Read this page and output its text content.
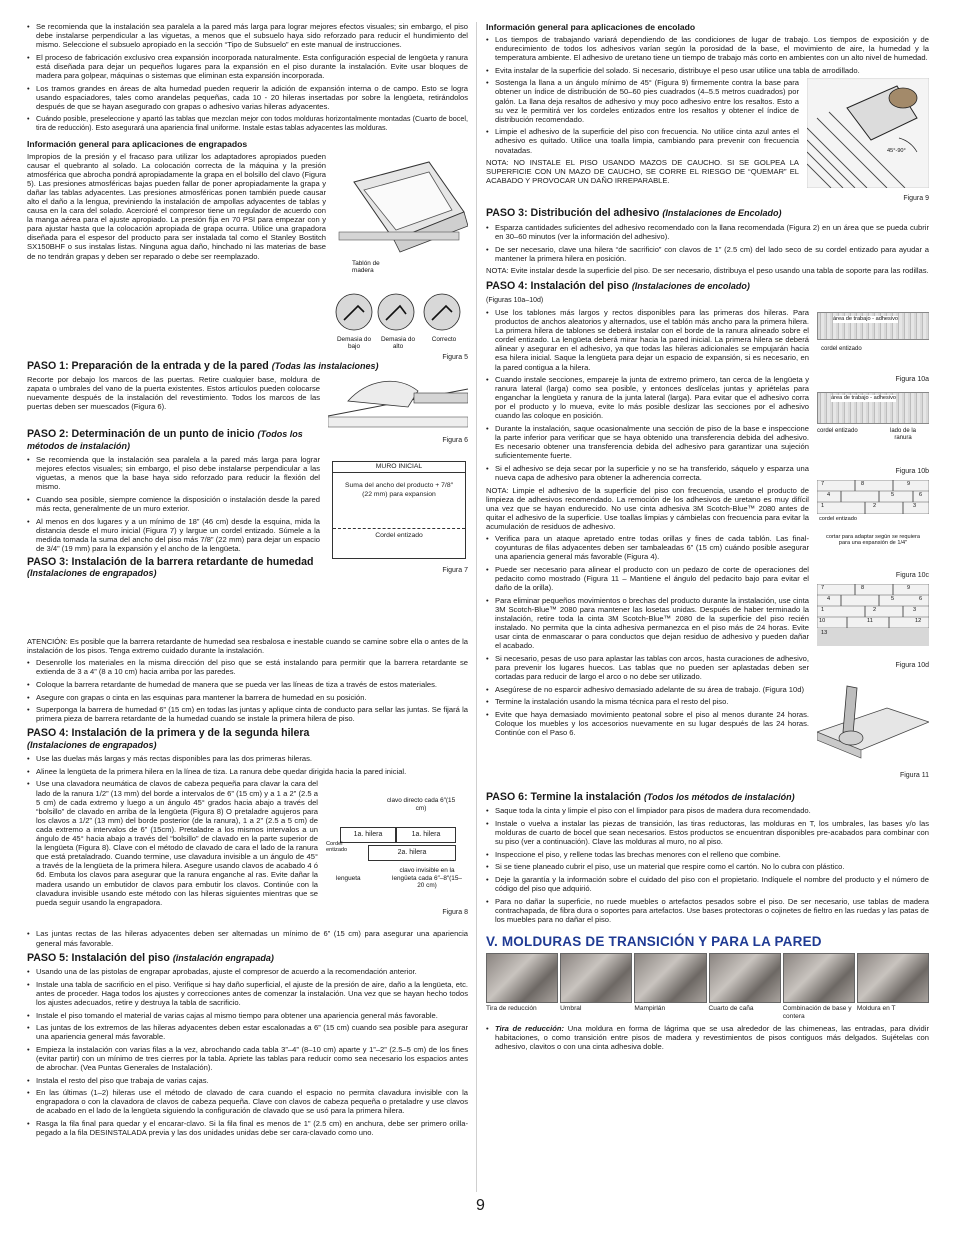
• Se recomienda que la instalación sea paralela a la pared más larga para lograr mejores efectos visuales; sin embargo, el piso debe instalarse perpendicular a las viguetas, a menos que el subsuelo haya sido reforzado para reducir el hundimiento del mismo. Seleccione el subsuelo apropiado en la sección “Tipo de Subsuelo” en este manual de instrucciones.
• El proceso de fabricación exclusivo crea expansión incorporada naturalmente. Esta configuración especial de lengüeta y ranura está diseñada para dejar un pequeños lugares para la expansión en el piso durante la instalación. Evite usar bloques de madera para golpear, máquinas o sistemas que eliminan esta expansión incorporada.
• Los tramos grandes en áreas de alta humedad pueden requerir la adición de expansión interna o de campo. Esto se logra usando espaciadores, tales como arandelas pequeñas, cada 10 - 20 hileras insertadas por sobre la lengüeta, retirándolos después de que se hayan asegurado con grapas o adhesivo varias hileras adyacentes.
• Cuándo posible, preseleccione y apartó las tablas que mezclan mejor con todos molduras horizontalmente montadas (Cuarto de bocel, tira de reducción). Esto asegurará una apariencia final uniforme. Instale estas tablas adyacentes las molduras.
Información general para aplicaciones de engrapados

Impropios de la presión y el fracaso para utilizar los adaptadores apropiados pueden causar el quebranto al solado. La colocación correcta de la máquina y la presión atmosférica que abrocha pondrá apropiadamente la grapa en el bolsillo del clavo (Figura 5). Las presiones atmosféricas bajas pueden fallar de poner apropiadamente la grapa y dañar las tablas adyacentes. Las presiones atmosféricas ponen también puede causar alto el daño a la lengua, previniendo la instalación de ampollas adyacentes de tablas y causa en la cara del solado. Acercioré el compresor tiene un regulador de acuerdo con la manga aérea para el ajuste apropiado. La presión fija en 70 PSI para empezar con y para ajustar hasta que la colocación apropiada de grapa ocurra. Utilice una grapadora diseñada para el espesor del producto para ser instalada tal como el Stanley Bostitch SX150BHF o sus instalas listas. Ninguna agua daño, hinchado ni las materias de base de no tendrán grapas y deben ser reparado o debe ser reemplazado.

Tablón de madera
Demasia do bajo
Demasia do alto
Correcto
Figura 5
PASO 1: Preparación de la entrada y de la pared (Todas las instalaciones)

Recorte por debajo los marcos de las puertas. Retire cualquier base, moldura de zapata o umbrales del vano de la puerta existentes. Estos artículos pueden colocarse nuevamente después de la instalación del revestimiento. Todos los marcos de las puertas deben ser muescados (Figura 6).

PASO 2: Determinación de un punto de inicio (Todos los métodos de instalación)
• Se recomienda que la instalación sea paralela a la pared más larga para lograr mejores efectos visuales; sin embargo, el piso debe instalarse perpendicular a las viguetas, a menos que la base haya sido reforzado para reducir la flexión del mismo.
• Cuando sea posible, siempre comience la disposición o instalación desde la pared más recta, generalmente de un muro exterior.
• Al menos en dos lugares y a un mínimo de 18” (46 cm) desde la esquina, mida la distancia desde el muro inicial (Figura 7) y largue un cordel entizado. Súmele a la medida tomada la suma del ancho del piso más 7/8” (22 mm) para dejar un espacio de 3/4” (19 mm) para la expansión y el ancho de la lengüeta.
PASO 3: Instalación de la barrera retardante de humedad (Instalaciones de engrapados)
Figura 6
MURO INICIAL
Suma del ancho del producto + 7/8″ (22 mm) para expansion
Cordel entizado
Figura 7

ATENCIÓN: Es posible que la barrera retardante de humedad sea resbalosa e inestable cuando se camine sobre ella o antes de la instalación de los pisos. Tenga extremo cuidado durante la instalación.

• Desenrolle los materiales en la misma dirección del piso que se está instalando para permitir que la barrera retardante se extienda de 3 a 4” (8 a 10 cm) hacia arriba por las paredes.
• Coloque la barrera retardante de humedad de manera que se pueda ver las líneas de tiza a través de estos materiales.
• Asegure con grapas o cinta en las esquinas para mantener la barrera de humedad en su posición.
• Superponga la barrera de humedad 6” (15 cm) en todas las juntas y aplique cinta de conducto para sellar las juntas. Se fijará la primera pieza de barrera retardante de la humedad cuando se instale la primera hilera de piso.
PASO 4: Instalación de la primera y de la segunda hilera
(Instalaciones de engrapados)
• Use las duelas más largas y más rectas disponibles para las dos primeras hileras.
• Alinee la lengüeta de la primera hilera en la línea de tiza. La ranura debe quedar dirigida hacia la pared inicial.
• Use una clavadora neumática de clavos de cabeza pequeña para clavar la cara del lado de la ranura 1/2” (13 mm) del borde a intervalos de 6” (15 cm) y a 1 a 2” (2.5 a 5 cm) de cada extremo y luego a un ángulo 45° grados hacia abajo a través del “bolsillo” de clavado en arriba de la lengüeta (Figura 8) O pretaladre agujeros para los clavos a 1/2” (13 mm) del borde posterior (de la ranura), 1 a 2” (2.5 a 5 cm) de cada extremo a intervalos de 6” (15cm). Pretaladre a los mismos intervalos a un ángulo de 45° hacia abajo a través del “bolsillo” de clavado en la parte superior de la lengüeta (Figura 8). Clave con el método de clavado de cara el lado de la ranura que está pretaladrado. Cuando termine, use clavadura invisible a un ángulo de 45° a través de la lengüeta de la primera hilera. Asegure usando clavos de acabado 4 ó 6d. Embuta los clavos para asegurar que la ranura enganche al ras. Evite dañar la madera usando un embutidor de clavos para embutir los clavos. Continúe con la clavadura invisible usando este método con las hileras siguientes mientras que se pueda seguir usando la engrapadora.
clavo directo cada 6″(15 cm)
1a. hilera	1a. hilera
2a. hilera
Cordel entizado
lengueta
clavo invisible en la lengüeta cada 6″–8″(15–20 cm)
Figura 8
• Las juntas rectas de las hileras adyacentes deben ser alternadas un mínimo de 6” (15 cm) para asegurar una apariencia general más favorable.
PASO 5: Instalación del piso (instalación engrapada)
• Usando una de las pistolas de engrapar aprobadas, ajuste el compresor de acuerdo a la recomendación anterior.
• Instale una tabla de sacrificio en el piso. Verifique si hay daño superficial, el ajuste de la presión de aire, daño a la lengüeta, etc. antes de proceder. Haga todos los ajustes y correcciones antes de comenzar la instalación. Una vez que se hayan hecho todos los ajustes adecuados, retire y destruya la tabla de sacrificio.
• Instale el piso tomando el material de varias cajas al mismo tiempo para obtener una apariencia general más favorable.
• Las juntas de los extremos de las hileras adyacentes deben estar escalonadas a 6” (15 cm) cuando sea posible para asegurar una apariencia general más favorable.
• Empieza la instalación con varias filas a la vez, abrochando cada tabla 3”–4” (8–10 cm) aparte y 1”–2” (2.5–5 cm) de los fines (evitar partir) con un mínimo de tres cierres por la tabla. Apriete las tablas para reducir como sea necesario los espacios antes de abrochar. (Vea Puntas Generales de Instalación).
• Instala el resto del piso que trabaja de varias cajas.
• En las últimas (1–2) hileras use el método de clavado de cara cuando el espacio no permita clavadura invisible con la engrapadora o con la clavadora de clavos de cabeza pequeña. Clave con clavos de cabeza pequeña o pretaladre y use clavos de acabado en el lado de la lengüeta siguiendo la configuración de clavado que se usó para la primera hilera.
• Rasga la fila final para quedar y el encarar-clavo. Si la fila final es menos de 1” (2.5 cm) en anchura, debe ser primero orilla-pegado a la fila DESINSTALADA previa y las dos unidades unidas debe ser cara-clavado como uno.
Información general para aplicaciones de encolado
• Los tiempos de trabajando variará dependiendo de las condiciones de lugar de trabajo. Los tiempos de exposición y de endurecimiento de todos los adhesivos varían según la porosidad de la base, el movimiento de aire, la humedad y la temperatura ambiente. El adhesivo de uretano tiene un tiempo de trabajo más corto en ambientes con un alto nivel de humedad.
• Evita instalar de la superficie del solado. Si necesario, distribuye el peso usar utilice una tabla de arrodillado.
• Sostenga la llana a un ángulo mínimo de 45° (Figura 9) firmemente contra la base para obtener un índice de distribución de 50–60 pies cuadrados (4–5.5 metros cuadrados) por galón. La llana deja resaltos de adhesivo y muy poco adhesivo entre los resaltos. Esto a su vez le permitirá ver los cordeles entizados entre los resaltos y obtener el índice de distribución recomendado.
• Limpie el adhesivo de la superficie del piso con frecuencia. No utilice cinta azul antes el adhesivo es quitado. Utilice una toalla limpia, cambiando para prevenir con frecuencia novatadas.

NOTA: NO INSTALE EL PISO USANDO MAZOS DE CAUCHO. SI SE GOLPEA LA SUPERFICIE CON UN MAZO DE CAUCHO, SE CORRE EL RIESGO DE “QUEMAR” EL ACABADO Y PROVOCAR UN DAÑO IRREPARABLE.

45°-90°
Figura 9
PASO 3: Distribución del adhesivo (Instalaciones de Encolado)
• Esparza cantidades suficientes del adhesivo recomendado con la llana recomendada (Figura 2) en un área que se pueda cubrir en 30–60 minutos (ver la información del adhesivo).
• De ser necesario, clave una hilera “de sacrificio” con clavos de 1” (2.5 cm) del lado seco de su cordel entizado para ayudar a mantener la primera hilera en posición.

NOTA: Evite instalar desde la superficie del piso. De ser necesario, distribuya el peso usando una tabla de soporte para las rodillas.

PASO 4: Instalación del piso (Instalaciones de encolado)

(Figuras 10a–10d)

• Use los tablones más largos y rectos disponibles para las primeras dos hileras. Para productos de anchos aleatorios y alternados, use el tablón más ancho para la primera hilera. La primera hilera de tablones se deberá instalar con el borde de la ranura alineado sobre el cordel entizado. La lengüeta deberá mirar hacia la pared inicial. La primera hilera se deberá alinear y asegurar en el adhesivo, ya que todas las hileras adicionales se empujarán hacia esa hilera inicial. Saque la lengüeta para dejar un espacio de expansión, si es necesario, en la pared contigua a la hilera.
• Cuando instale secciones, empareje la junta de extremo primero, tan cerca de la lengüeta y ranura lateral (larga) como sea posible, y entonces deslícelas juntas y apriételas para enganchar la lengüeta y ranura de la junta lateral (larga). Para evitar que el adhesivo corra por el producto y lo mueva, evite lo más posible deslizar las secciones por el adhesivo cuando las coloque en posición.
• Durante la instalación, saque ocasionalmente una sección de piso de la base e inspeccione la parte inferior para verificar que se haya obtenido una transferencia debida del adhesivo. Es necesario obtener una transferencia debida del adhesivo para garantizar una sujeción suficientemente fuerte.
• Si el adhesivo se deja secar por la superficie y no se ha transferido, sáquelo y esparza una nueva capa de adhesivo para obtener la adherencia correcta.

NOTA: Limpie el adhesivo de la superficie del piso con frecuencia, usando el producto de limpieza de adhesivos recomendado. La remoción de los adhesivos de uretano es muy difícil una vez que se hayan endurecido. No use cinta adhesiva 3M Scotch-Blue™ 2080 antes de quitar el adhesivo de la superficie. Use toallas limpias y cámbielas con frecuencia para evitar la acumulación de residuos de adhesivo.

• Verifica para un ataque apretado entre todas orillas y fines de cada tablón. Las final-coyunturas de filas adyacentes deben ser tambaleadas 6” (15 cm) cuándo posible asegurar una apariencia general más favorable (Figura 4).
• Puede ser necesario para alinear el producto con un pedazo de corte de operaciones del pedacito como mostrado (Figura 11 – Mantiene el ángulo del pedacito bajo para evitar el daño de la orilla).
• Para eliminar pequeños movimientos o brechas del producto durante la instalación, use cinta 3M Scotch-Blue™ 2080 para mantener las losetas unidas. Después de haber terminado la instalación, retire toda la cinta 3M Scotch-Blue™ 2080 de la superficie del piso recién instalado. No permita que la cinta adhesiva permanezca en el piso más de 24 horas. Evite usar cinta de enmascarar o para conductos que dejan residuo de adhesivo y pueden dañar el acabado.
• Si necesario, pesas de uso para aplastar las tablas con arcos, hasta curaciones de adhesivo, para prevenir los lugares huecos. Las tablas que no pueden ser aplastadas deben ser cortadas para reducir de largo el arco o no debe ser utilizado.
• Asegúrese de no esparcir adhesivo demasiado adelante de su área de trabajo. (Figura 10d)
• Termine la instalación usando la misma técnica para el resto del piso.
• Evite que haya demasiado movimiento peatonal sobre el piso al menos durante 24 horas. Coloque los muebles y los accesorios nuevamente en su lugar después de las 24 horas. Continúe con el Paso 6.
área de trabajo - adhesivo
cordel entizado
Figura 10a
área de trabajo - adhesivo
cordel entizado	lado de la ranura
Figura 10b
7	8	9
4	5	6
1	2	3
cordel entizado
cortar para adaptar según se requiera para una expansión de 1/4″
Figura 10c
7	8	9
4	5	6
1	2	3
10	11	12
13
Figura 10d
Figura 11
PASO 6: Termine la instalación (Todos los métodos de instalación)
• Saque toda la cinta y limpie el piso con el limpiador para pisos de madera dura recomendado.
• Instale o vuelva a instalar las piezas de transición, las tiras reductoras, las molduras en T, los umbrales, las bases y/o las molduras de cuarto de bocel que sean necesarios. Estos productos se encuentran disponibles pre-acabados para combinar con su piso (ver a continuación). Clave las molduras al muro, no al piso.
• Inspeccione el piso, y rellene todas las brechas menores con el relleno que combine.
• Si se tiene planeado cubrir el piso, use un material que respire como el cartón. No lo cubra con plástico.
• Deje la garantía y la información sobre el cuidado del piso con el propietario. Indíquele el nombre del producto y el número de código del piso que adquirió.
• Para no dañar la superficie, no ruede muebles o artefactos pesados sobre el piso. De ser necesario, use tablas de madera contrachapada, de fibra dura o soportes para artefactos. Use bases protectoras o cojinetes de fieltro en las ruedas y las patas de los muebles para no dañar el piso.
V. MOLDURAS DE TRANSICIÓN Y PARA LA PARED
Tira de reducción	Umbral	Mampirlán	Cuarto de caña	Combinación de base y contera
Moldura en T
• Tira de reducción: Una moldura en forma de lágrima que se usa alrededor de las chimeneas, las entradas, para dividir habitaciones, o como transición entre pisos de madera y revestimientos de pisos contiguos más delgados. Sujételas con adhesivo, clavitos o con una cinta adhesiva doble.
9
